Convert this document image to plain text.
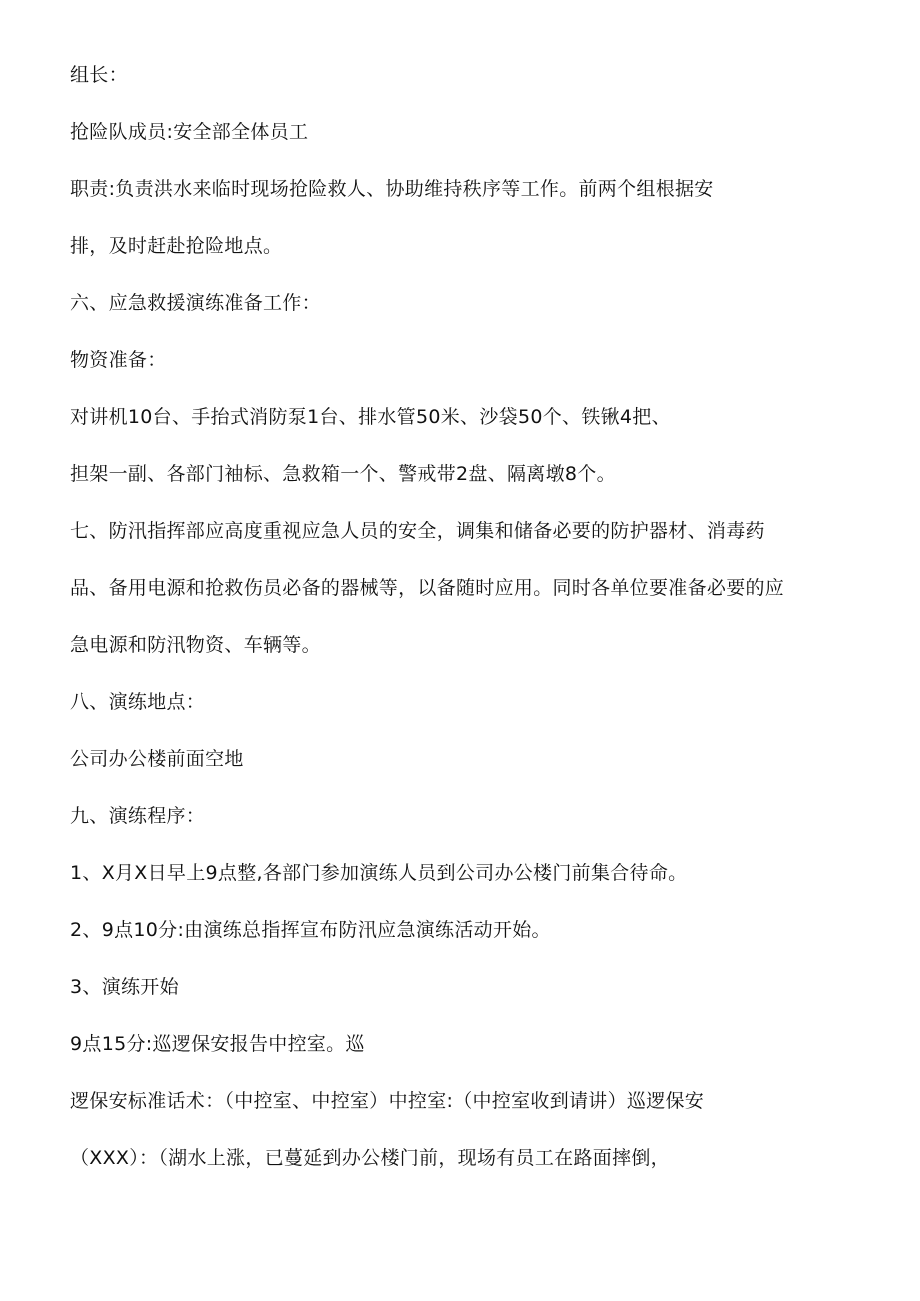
组长：
抢险队成员:安全部全体员工
职责:负责洪水来临时现场抢险救人、协助维持秩序等工作。前两个组根据安
排，及时赶赴抢险地点。
六、应急救援演练准备工作：
物资准备：
对讲机10台、手抬式消防泵1台、排水管50米、沙袋50个、铁锹4把、
担架一副、各部门袖标、急救箱一个、警戒带2盘、隔离墩8个。
七、防汛指挥部应高度重视应急人员的安全，调集和储备必要的防护器材、消毒药
品、备用电源和抢救伤员必备的器械等，以备随时应用。同时各单位要准备必要的应
急电源和防汛物资、车辆等。
八、演练地点：
公司办公楼前面空地
九、演练程序：
1、X月X日早上9点整,各部门参加演练人员到公司办公楼门前集合待命。
2、9点10分:由演练总指挥宣布防汛应急演练活动开始。
3、演练开始
9点15分:巡逻保安报告中控室。巡
逻保安标准话术：（中控室、中控室）中控室:（中控室收到请讲）巡逻保安
（XXX）：（湖水上涨，已蔓延到办公楼门前，现场有员工在路面摔倒，
